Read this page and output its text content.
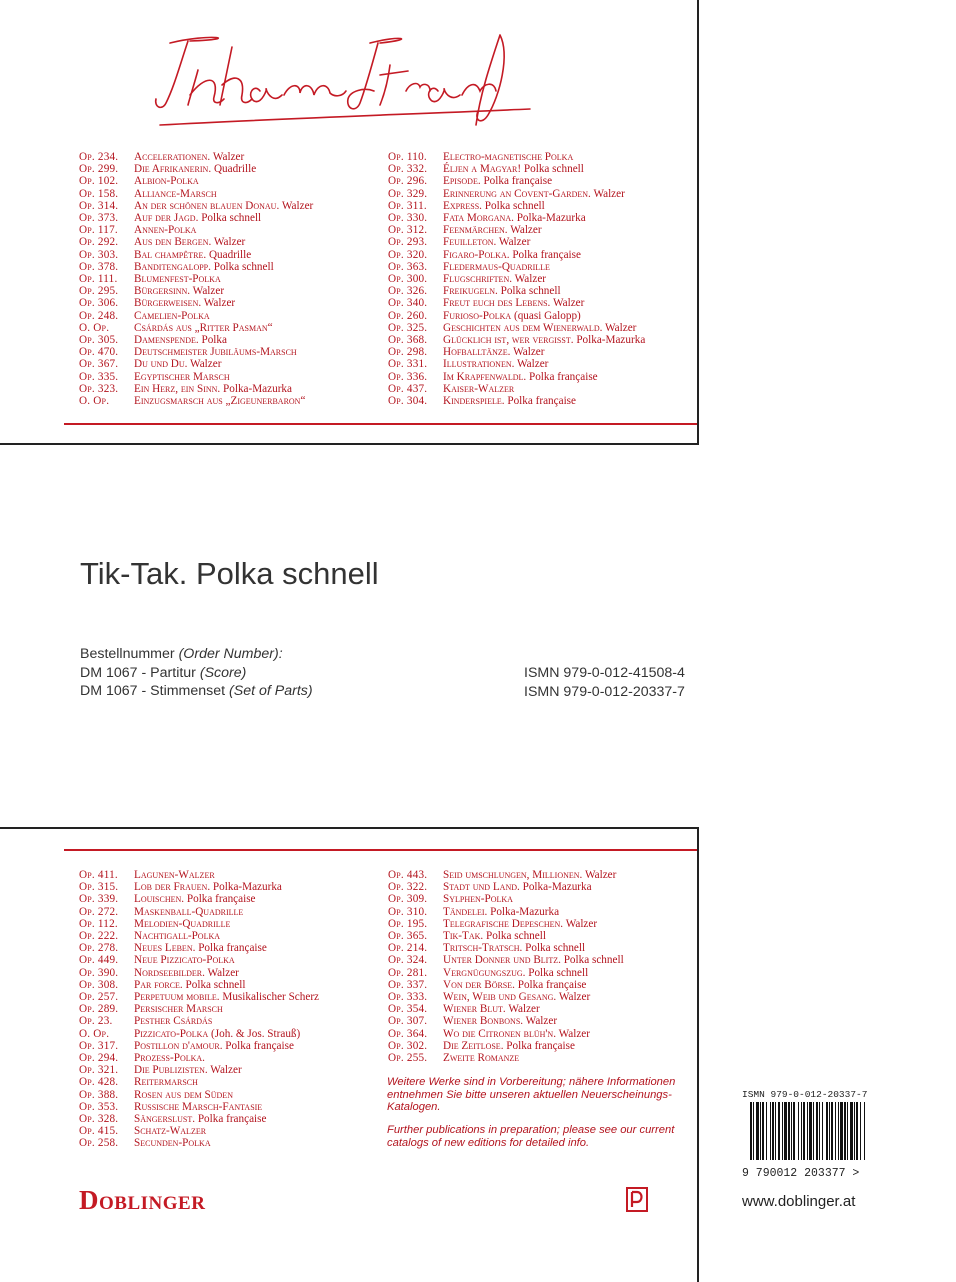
Op. 234. Accelerationen. Walzer
Op. 299. Die Afrikanerin. Quadrille
Op. 102. Albion-Polka
Op. 158. Alliance-Marsch
Op. 314. An der schönen blauen Donau. Walzer
Op. 373. Auf der Jagd. Polka schnell
Op. 117. Annen-Polka
Op. 292. Aus den Bergen. Walzer
Op. 303. Bal champêtre. Quadrille
Op. 378. Banditengalopp. Polka schnell
Op. 111. Blumenfest-Polka
Op. 295. Bürgersinn. Walzer
Op. 306. Bürgerweisen. Walzer
Op. 248. Camelien-Polka
O. Op. Csárdás aus „Ritter Pasman“
Op. 305. Damenspende. Polka
Op. 470. Deutschmeister Jubiläums-Marsch
Op. 367. Du und Du. Walzer
Op. 335. Egyptischer Marsch
Op. 323. Ein Herz, ein Sinn. Polka-Mazurka
O. Op. Einzugsmarsch aus „Zigeunerbaron“
Op. 110. Electro-magnetische Polka
Op. 332. Éljen a Magyar! Polka schnell
Op. 296. Episode. Polka française
Op. 329. Erinnerung an Covent-Garden. Walzer
Op. 311. Express. Polka schnell
Op. 330. Fata Morgana. Polka-Mazurka
Op. 312. Feenmärchen. Walzer
Op. 293. Feuilleton. Walzer
Op. 320. Figaro-Polka. Polka française
Op. 363. Fledermaus-Quadrille
Op. 300. Flugschriften. Walzer
Op. 326. Freikugeln. Polka schnell
Op. 340. Freut euch des Lebens. Walzer
Op. 260. Furioso-Polka (quasi Galopp)
Op. 325. Geschichten aus dem Wienerwald. Walzer
Op. 368. Glücklich ist, wer vergisst. Polka-Mazurka
Op. 298. Hofballtänze. Walzer
Op. 331. Illustrationen. Walzer
Op. 336. Im Krapfenwaldl. Polka française
Op. 437. Kaiser-Walzer
Op. 304. Kinderspiele. Polka française
Tik-Tak. Polka schnell
Bestellnummer (Order Number):
DM 1067 - Partitur (Score)
DM 1067 - Stimmenset (Set of Parts)
ISMN 979-0-012-41508-4
ISMN 979-0-012-20337-7
Op. 411. Lagunen-Walzer
Op. 315. Lob der Frauen. Polka-Mazurka
Op. 339. Louischen. Polka française
Op. 272. Maskenball-Quadrille
Op. 112. Melodien-Quadrille
Op. 222. Nachtigall-Polka
Op. 278. Neues Leben. Polka française
Op. 449. Neue Pizzicato-Polka
Op. 390. Nordseebilder. Walzer
Op. 308. Par force. Polka schnell
Op. 257. Perpetuum mobile. Musikalischer Scherz
Op. 289. Persischer Marsch
Op. 23. Pesther Csárdás
O. Op. Pizzicato-Polka (Joh. & Jos. Strauß)
Op. 317. Postillon d'amour. Polka française
Op. 294. Prozess-Polka.
Op. 321. Die Publizisten. Walzer
Op. 428. Reitermarsch
Op. 388. Rosen aus dem Süden
Op. 353. Russische Marsch-Fantasie
Op. 328. Sängerslust. Polka française
Op. 415. Schatz-Walzer
Op. 258. Secunden-Polka
Op. 443. Seid umschlungen, Millionen. Walzer
Op. 322. Stadt und Land. Polka-Mazurka
Op. 309. Sylphen-Polka
Op. 310. Tändelei. Polka-Mazurka
Op. 195. Telegrafische Depeschen. Walzer
Op. 365. Tik-Tak. Polka schnell
Op. 214. Tritsch-Tratsch. Polka schnell
Op. 324. Unter Donner und Blitz. Polka schnell
Op. 281. Vergnügungszug. Polka schnell
Op. 337. Von der Börse. Polka française
Op. 333. Wein, Weib und Gesang. Walzer
Op. 354. Wiener Blut. Walzer
Op. 307. Wiener Bonbons. Walzer
Op. 364. Wo die Citronen blüh'n. Walzer
Op. 302. Die Zeitlose. Polka française
Op. 255. Zweite Romanze
Weitere Werke sind in Vorbereitung; nähere Informationen entnehmen Sie bitte unseren aktuellen Neuerscheinungs-Katalogen.
Further publications in preparation; please see our current catalogs of new editions for detailed info.
Doblinger
ISMN 979-0-012-20337-7
9 790012 203377 >
www.doblinger.at
